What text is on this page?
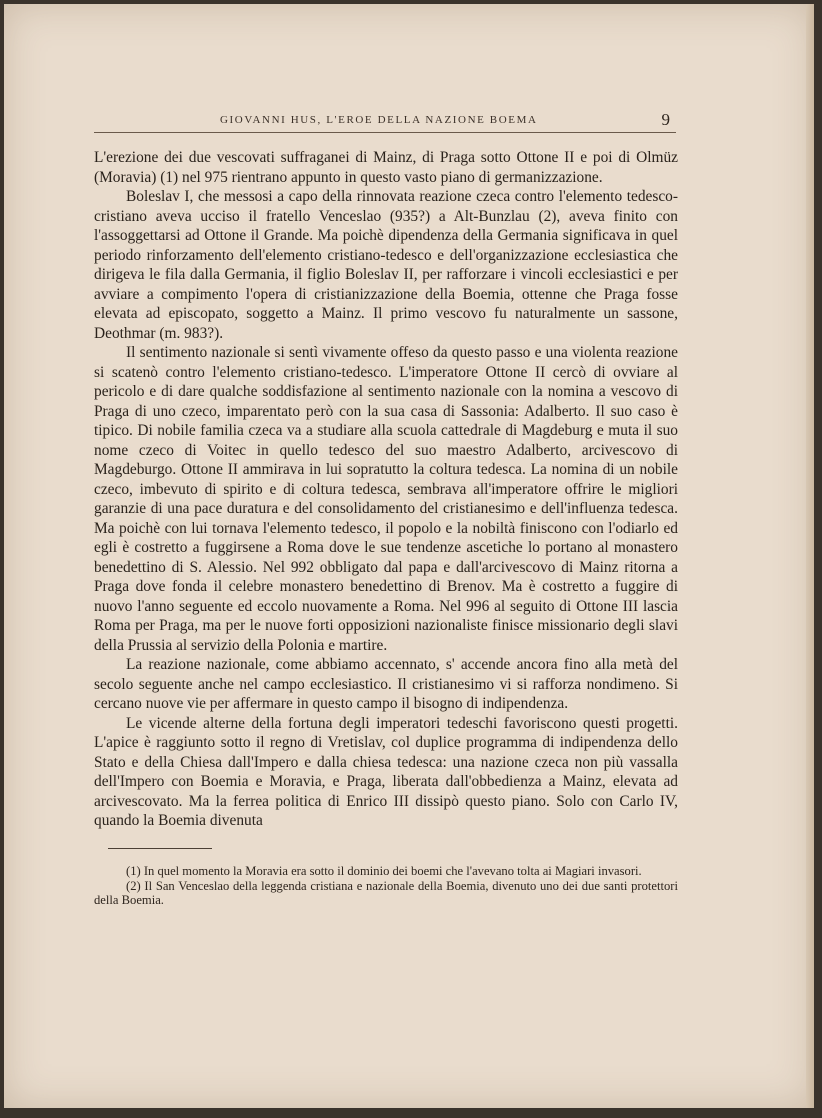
GIOVANNI HUS, L'EROE DELLA NAZIONE BOEMA	9

L'erezione dei due vescovati suffraganei di Mainz, di Praga sotto Ottone II e poi di Olmüz (Moravia) (1) nel 975 rientrano appunto in questo vasto piano di germanizzazione.

Boleslav I, che messosi a capo della rinnovata reazione czeca contro l'elemento tedesco-cristiano aveva ucciso il fratello Venceslao (935?) a Alt-Bunzlau (2), aveva finito con l'assoggettarsi ad Ottone il Grande. Ma poichè dipendenza della Germania significava in quel periodo rinforzamento dell'elemento cristiano-tedesco e dell'organizzazione ecclesiastica che dirigeva le fila dalla Germania, il figlio Boleslav II, per rafforzare i vincoli ecclesiastici e per avviare a compimento l'opera di cristianizzazione della Boemia, ottenne che Praga fosse elevata ad episcopato, soggetto a Mainz. Il primo vescovo fu naturalmente un sassone, Deothmar (m. 983?).

Il sentimento nazionale si sentì vivamente offeso da questo passo e una violenta reazione si scatenò contro l'elemento cristiano-tedesco. L'imperatore Ottone II cercò di ovviare al pericolo e di dare qualche soddisfazione al sentimento nazionale con la nomina a vescovo di Praga di uno czeco, imparentato però con la sua casa di Sassonia: Adalberto. Il suo caso è tipico. Di nobile familia czeca va a studiare alla scuola cattedrale di Magdeburg e muta il suo nome czeco di Voitec in quello tedesco del suo maestro Adalberto, arcivescovo di Magdeburgo. Ottone II ammirava in lui sopratutto la coltura tedesca. La nomina di un nobile czeco, imbevuto di spirito e di coltura tedesca, sembrava all'imperatore offrire le migliori garanzie di una pace duratura e del consolidamento del cristianesimo e dell'influenza tedesca. Ma poichè con lui tornava l'elemento tedesco, il popolo e la nobiltà finiscono con l'odiarlo ed egli è costretto a fuggirsene a Roma dove le sue tendenze ascetiche lo portano al monastero benedettino di S. Alessio. Nel 992 obbligato dal papa e dall'arcivescovo di Mainz ritorna a Praga dove fonda il celebre monastero benedettino di Brenov. Ma è costretto a fuggire di nuovo l'anno seguente ed eccolo nuovamente a Roma. Nel 996 al seguito di Ottone III lascia Roma per Praga, ma per le nuove forti opposizioni nazionaliste finisce missionario degli slavi della Prussia al servizio della Polonia e martire.

La reazione nazionale, come abbiamo accennato, s' accende ancora fino alla metà del secolo seguente anche nel campo ecclesiastico. Il cristianesimo vi si rafforza nondimeno. Si cercano nuove vie per affermare in questo campo il bisogno di indipendenza.

Le vicende alterne della fortuna degli imperatori tedeschi favoriscono questi progetti. L'apice è raggiunto sotto il regno di Vretislav, col duplice programma di indipendenza dello Stato e della Chiesa dall'Impero e dalla chiesa tedesca: una nazione czeca non più vassalla dell'Impero con Boemia e Moravia, e Praga, liberata dall'obbedienza a Mainz, elevata ad arcivescovato. Ma la ferrea politica di Enrico III dissipò questo piano. Solo con Carlo IV, quando la Boemia divenuta

(1) In quel momento la Moravia era sotto il dominio dei boemi che l'avevano tolta ai Magiari invasori.

(2) Il San Venceslao della leggenda cristiana e nazionale della Boemia, divenuto uno dei due santi protettori della Boemia.
